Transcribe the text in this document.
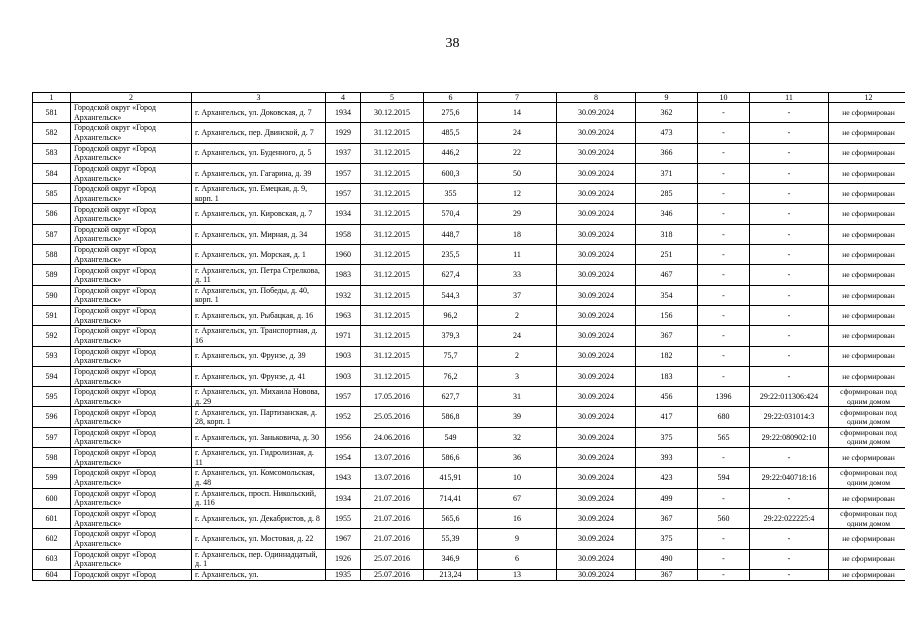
38
1	2	3	4	5	6	7	8	9	10	11	12
581	Городской округ «Город Архангельск»	г. Архангельск, ул. Доковская, д. 7	1934	30.12.2015	275,6	14	30.09.2024	362	-	-	не сформирован
582	Городской округ «Город Архангельск»	г. Архангельск, пер. Двинской, д. 7	1929	31.12.2015	485,5	24	30.09.2024	473	-	-	не сформирован
583	Городской округ «Город Архангельск»	г. Архангельск, ул. Буденного, д. 5	1937	31.12.2015	446,2	22	30.09.2024	366	-	-	не сформирован
584	Городской округ «Город Архангельск»	г. Архангельск, ул. Гагарина, д. 39	1957	31.12.2015	600,3	50	30.09.2024	371	-	-	не сформирован
585	Городской округ «Город Архангельск»	г. Архангельск, ул. Емецкая, д. 9, корп. 1	1957	31.12.2015	355	12	30.09.2024	285	-	-	не сформирован
586	Городской округ «Город Архангельск»	г. Архангельск, ул. Кировская, д. 7	1934	31.12.2015	570,4	29	30.09.2024	346	-	-	не сформирован
587	Городской округ «Город Архангельск»	г. Архангельск, ул. Мирная, д. 34	1958	31.12.2015	448,7	18	30.09.2024	318	-	-	не сформирован
588	Городской округ «Город Архангельск»	г. Архангельск, ул. Морская, д. 1	1960	31.12.2015	235,5	11	30.09.2024	251	-	-	не сформирован
589	Городской округ «Город Архангельск»	г. Архангельск, ул. Петра Стрелкова, д. 11	1983	31.12.2015	627,4	33	30.09.2024	467	-	-	не сформирован
590	Городской округ «Город Архангельск»	г. Архангельск, ул. Победы, д. 40, корп. 1	1932	31.12.2015	544,3	37	30.09.2024	354	-	-	не сформирован
591	Городской округ «Город Архангельск»	г. Архангельск, ул. Рыбацкая, д. 16	1963	31.12.2015	96,2	2	30.09.2024	156	-	-	не сформирован
592	Городской округ «Город Архангельск»	г. Архангельск, ул. Транспортная, д. 16	1971	31.12.2015	379,3	24	30.09.2024	367	-	-	не сформирован
593	Городской округ «Город Архангельск»	г. Архангельск, ул. Фрунзе, д. 39	1903	31.12.2015	75,7	2	30.09.2024	182	-	-	не сформирован
594	Городской округ «Город Архангельск»	г. Архангельск, ул. Фрунзе, д. 41	1903	31.12.2015	76,2	3	30.09.2024	183	-	-	не сформирован
595	Городской округ «Город Архангельск»	г. Архангельск, ул. Михаила Новова, д. 29	1957	17.05.2016	627,7	31	30.09.2024	456	1396	29:22:011306:424	сформирован под одним домом
596	Городской округ «Город Архангельск»	г. Архангельск, ул. Партизанская, д. 28, корп. 1	1952	25.05.2016	586,8	39	30.09.2024	417	680	29:22:031014:3	сформирован под одним домом
597	Городской округ «Город Архангельск»	г. Архангельск, ул. Заньковича, д. 30	1956	24.06.2016	549	32	30.09.2024	375	565	29:22:080902:10	сформирован под одним домом
598	Городской округ «Город Архангельск»	г. Архангельск, ул. Гидролизная, д. 11	1954	13.07.2016	586,6	36	30.09.2024	393	-	-	не сформирован
599	Городской округ «Город Архангельск»	г. Архангельск, ул. Комсомольская, д. 48	1943	13.07.2016	415,91	10	30.09.2024	423	594	29:22:040718:16	сформирован под одним домом
600	Городской округ «Город Архангельск»	г. Архангельск, просп. Никольский, д. 116	1934	21.07.2016	714,41	67	30.09.2024	499	-	-	не сформирован
601	Городской округ «Город Архангельск»	г. Архангельск, ул. Декабристов, д. 8	1955	21.07.2016	565,6	16	30.09.2024	367	560	29:22:022225:4	сформирован под одним домом
602	Городской округ «Город Архангельск»	г. Архангельск, ул. Мостовая, д. 22	1967	21.07.2016	55,39	9	30.09.2024	375	-	-	не сформирован
603	Городской округ «Город Архангельск»	г. Архангельск, пер. Одиннадцатый, д. 1	1926	25.07.2016	346,9	6	30.09.2024	490	-	-	не сформирован
604	Городской округ «Город	г. Архангельск, ул.	1935	25.07.2016	213,24	13	30.09.2024	367	-	-	не сформирован
